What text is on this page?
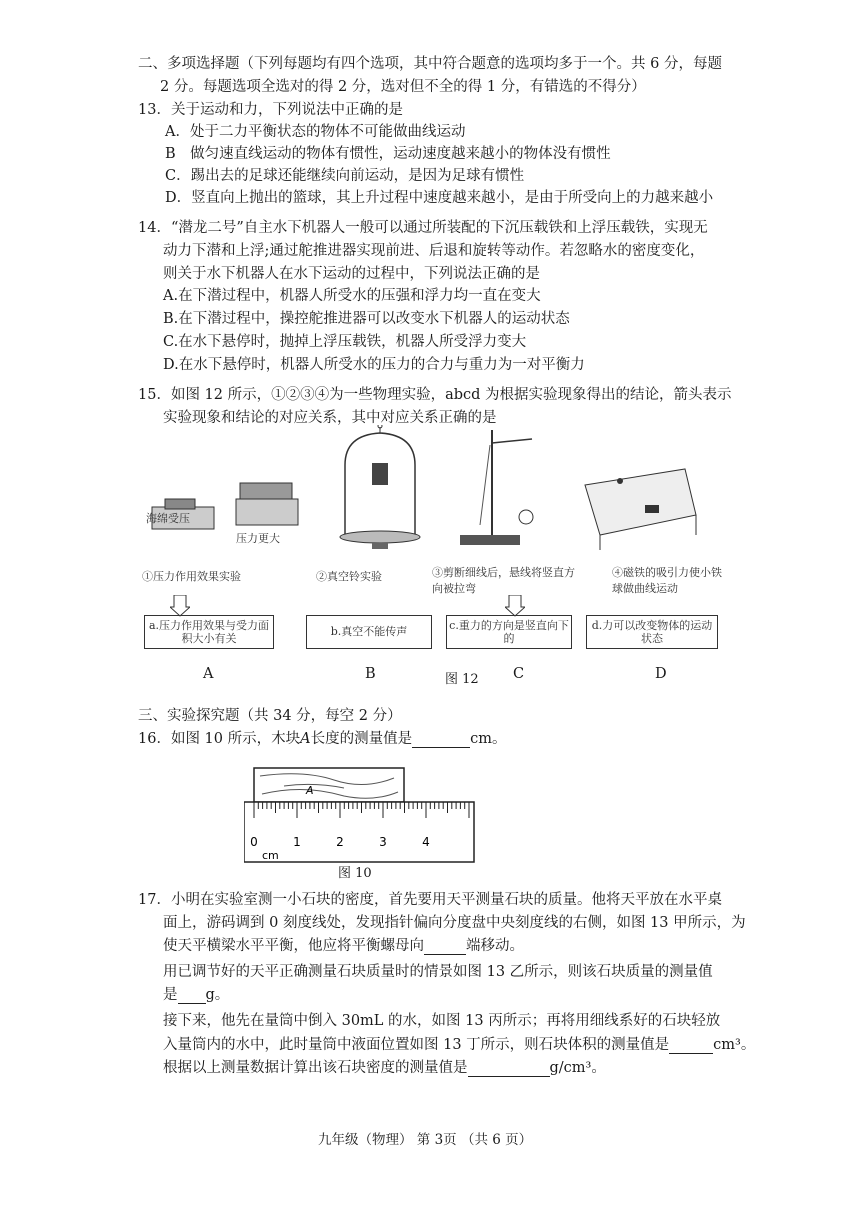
二、多项选择题（下列每题均有四个选项，其中符合题意的选项均多于一个。共 6 分，每题
2 分。每题选项全选对的得 2 分，选对但不全的得 1 分，有错选的不得分）
13．关于运动和力，下列说法中正确的是
A．处于二力平衡状态的物体不可能做曲线运动
B　做匀速直线运动的物体有惯性，运动速度越来越小的物体没有惯性
C．踢出去的足球还能继续向前运动，是因为足球有惯性
D．竖直向上抛出的篮球，其上升过程中速度越来越小，是由于所受向上的力越来越小
14．“潜龙二号”自主水下机器人一般可以通过所装配的下沉压载铁和上浮压载铁，实现无
动力下潜和上浮;通过舵推进器实现前进、后退和旋转等动作。若忽略水的密度变化，
则关于水下机器人在水下运动的过程中，下列说法正确的是
A.在下潜过程中，机器人所受水的压强和浮力均一直在变大
B.在下潜过程中，操控舵推进器可以改变水下机器人的运动状态
C.在水下悬停时，抛掉上浮压载铁，机器人所受浮力变大
D.在水下悬停时，机器人所受水的压力的合力与重力为一对平衡力
15．如图 12 所示，①②③④为一些物理实验，abcd 为根据实验现象得出的结论，箭头表示
实验现象和结论的对应关系，其中对应关系正确的是
海绵受压
压力更大
①压力作用效果实验	②真空铃实验	③剪断细线后，悬线将竖直方向被拉弯
④磁铁的吸引力使小铁球做曲线运动
a.压力作用效果与受力面积大小有关
b.真空不能传声
c.重力的方向是竖直向下的
d.力可以改变物体的运动状态
A	B	图 12 C	D
三、实验探究题（共 34 分，每空 2 分）
16．如图 10 所示，木块A长度的测量值是	cm。
A
0	1	2	3	4
cm
图 10
17．小明在实验室测一小石块的密度，首先要用天平测量石块的质量。他将天平放在水平桌
面上，游码调到 0 刻度线处，发现指针偏向分度盘中央刻度线的右侧，如图 13 甲所示，为
使天平横梁水平平衡，他应将平衡螺母向	端移动。
用已调节好的天平正确测量石块质量时的情景如图 13 乙所示，则该石块质量的测量值
是 g。
接下来，他先在量筒中倒入 30mL 的水，如图 13 丙所示；再将用细线系好的石块轻放
入量筒内的水中，此时量筒中液面位置如图 13 丁所示，则石块体积的测量值是	cm³。
根据以上测量数据计算出该石块密度的测量值是	g/cm³。
九年级（物理） 第 3页 （共 6 页）
